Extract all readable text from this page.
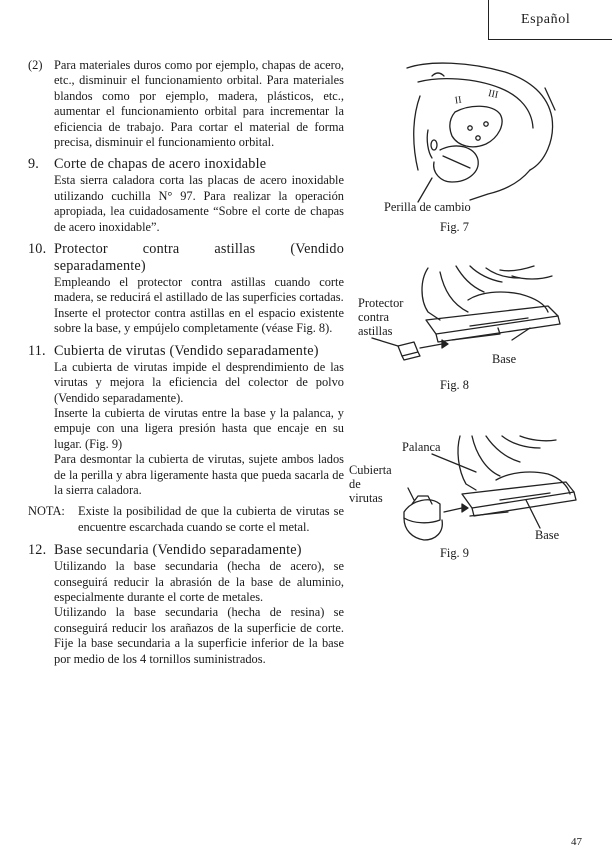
Español
(2) Para materiales duros como por ejemplo, chapas de acero, etc., disminuir el funcionamiento orbital. Para materiales blandos como por ejemplo, madera, plásticos, etc., aumentar el funcionamiento orbital para incrementar la eficiencia de trabajo. Para cortar el material de forma precisa, disminuir el funcionamiento orbital.

9.	Corte de chapas de acero inoxidable

Esta sierra caladora corta las placas de acero inoxidable utilizando cuchilla N° 97. Para realizar la operación apropiada, lea cuidadosamente “Sobre el corte de chapas de acero inoxidable”.

10. Protector contra astillas (Vendido separadamente)

Empleando el protector contra astillas cuando corte madera, se reducirá el astillado de las superficies cortadas.

Inserte el protector contra astillas en el espacio existente sobre la base, y empújelo completamente (véase Fig. 8).

11. Cubierta de virutas (Vendido separadamente)

La cubierta de virutas impide el desprendimiento de las virutas y mejora la eficiencia del colector de polvo (Vendido separadamente).

Inserte la cubierta de virutas entre la base y la palanca, y empuje con una ligera presión hasta que encaje en su lugar. (Fig. 9)

Para desmontar la cubierta de virutas, sujete ambos lados de la perilla y abra ligeramente hasta que pueda sacarla de la sierra caladora.

NOTA:	Existe la posibilidad de que la cubierta de virutas se encuentre escarchada cuando se corte el metal.

12. Base secundaria (Vendido separadamente)

Utilizando la base secundaria (hecha de acero), se conseguirá reducir la abrasión de la base de aluminio, especialmente durante el corte de metales.

Utilizando la base secundaria (hecha de resina) se conseguirá reducir los arañazos de la superficie de corte. Fije la base secundaria a la superficie inferior de la base por medio de los 4 tornillos suministrados.

II III
Perilla de cambio
Fig. 7
Protector
contra
astillas
Base
Fig. 8
Palanca
Cubierta de
virutas
Base
Fig. 9
47
